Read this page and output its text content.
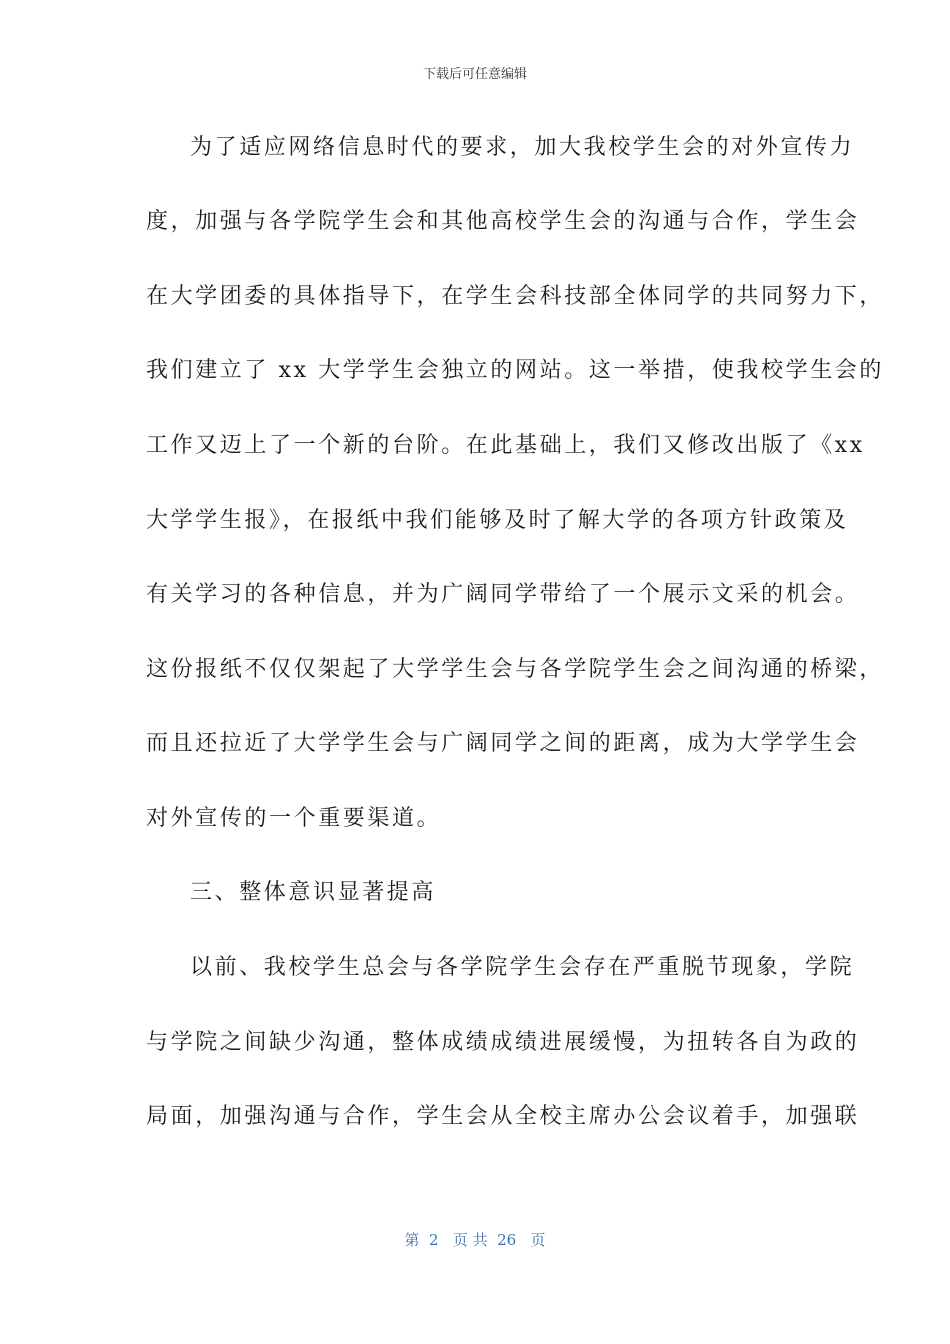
下载后可任意编辑
为了适应网络信息时代的要求，加大我校学生会的对外宣传力
度，加强与各学院学生会和其他高校学生会的沟通与合作，学生会
在大学团委的具体指导下，在学生会科技部全体同学的共同努力下，
我们建立了 xx 大学学生会独立的网站。这一举措，使我校学生会的
工作又迈上了一个新的台阶。在此基础上，我们又修改出版了《xx
大学学生报》，在报纸中我们能够及时了解大学的各项方针政策及
有关学习的各种信息，并为广阔同学带给了一个展示文采的机会。
这份报纸不仅仅架起了大学学生会与各学院学生会之间沟通的桥梁，
而且还拉近了大学学生会与广阔同学之间的距离，成为大学学生会
对外宣传的一个重要渠道。
三、整体意识显著提高
以前、我校学生总会与各学院学生会存在严重脱节现象，学院
与学院之间缺少沟通，整体成绩成绩进展缓慢，为扭转各自为政的
局面，加强沟通与合作，学生会从全校主席办公会议着手，加强联
第  2   页 共  26   页
